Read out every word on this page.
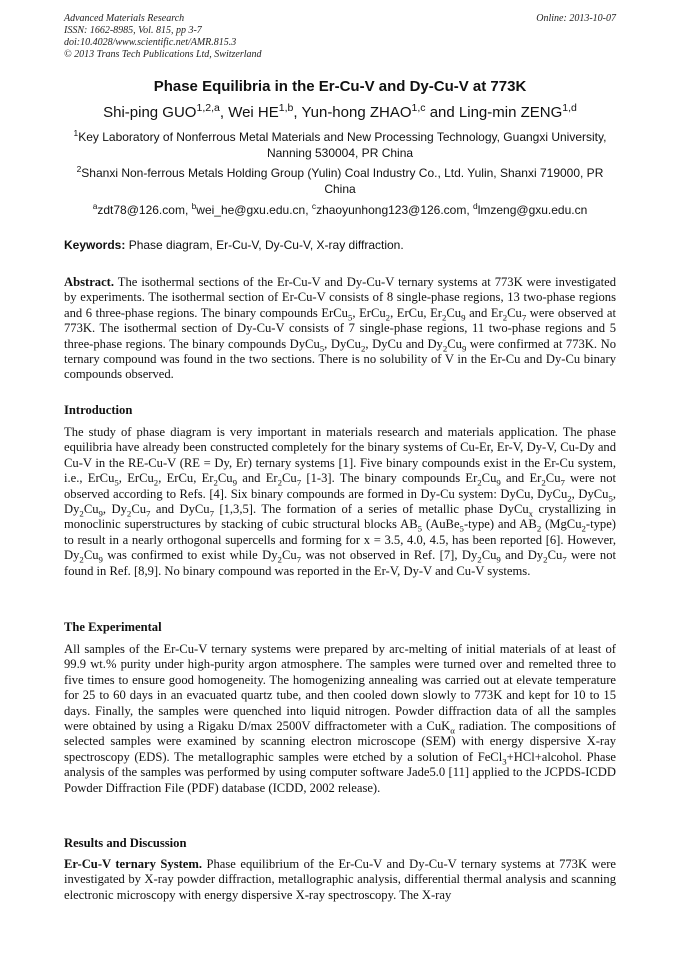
Advanced Materials Research
ISSN: 1662-8985, Vol. 815, pp 3-7
doi:10.4028/www.scientific.net/AMR.815.3
© 2013 Trans Tech Publications Ltd, Switzerland
Online: 2013-10-07
Phase Equilibria in the Er-Cu-V and Dy-Cu-V at 773K
Shi-ping GUO$^{1,2,a}$, Wei HE$^{1,b}$, Yun-hong ZHAO$^{1,c}$ and Ling-min ZENG$^{1,d}$
$^1$Key Laboratory of Nonferrous Metal Materials and New Processing Technology, Guangxi University, Nanning 530004, PR China
$^2$Shanxi Non-ferrous Metals Holding Group (Yulin) Coal Industry Co., Ltd. Yulin, Shanxi 719000, PR China
$^a$zdt78@126.com, $^b$wei_he@gxu.edu.cn, $^c$zhaoyunhong123@126.com, $^d$lmzeng@gxu.edu.cn
Keywords: Phase diagram, Er-Cu-V, Dy-Cu-V, X-ray diffraction.
Abstract. The isothermal sections of the Er-Cu-V and Dy-Cu-V ternary systems at 773K were investigated by experiments. The isothermal section of Er-Cu-V consists of 8 single-phase regions, 13 two-phase regions and 6 three-phase regions. The binary compounds ErCu$_5$, ErCu$_2$, ErCu, $Er_2Cu_9$ and $Er_2Cu_7$ were observed at 773K. The isothermal section of Dy-Cu-V consists of 7 single-phase regions, 11 two-phase regions and 5 three-phase regions. The binary compounds DyCu$_5$, DyCu$_2$, DyCu and $Dy_2Cu_9$ were confirmed at 773K. No ternary compound was found in the two sections. There is no solubility of V in the Er-Cu and Dy-Cu binary compounds observed.
Introduction
The study of phase diagram is very important in materials research and materials application. The phase equilibria have already been constructed completely for the binary systems of Cu-Er, Er-V, Dy-V, Cu-Dy and Cu-V in the RE-Cu-V (RE = Dy, Er) ternary systems [1]. Five binary compounds exist in the Er-Cu system, i.e., ErCu$_5$, ErCu$_2$, ErCu, $Er_2Cu_9$ and $Er_2Cu_7$ [1-3]. The binary compounds $Er_2Cu_9$ and $Er_2Cu_7$ were not observed according to Refs. [4]. Six binary compounds are formed in Dy-Cu system: DyCu, DyCu$_2$, DyCu$_5$, $Dy_2Cu_9$, $Dy_2Cu_7$ and DyCu$_7$ [1,3,5]. The formation of a series of metallic phase DyCu$_x$ crystallizing in monoclinic superstructures by stacking of cubic structural blocks $AB_5$ (AuBe$_5$-type) and $AB_2$ (MgCu$_2$-type) to result in a nearly orthogonal supercells and forming for x = 3.5, 4.0, 4.5, has been reported [6]. However, $Dy_2Cu_9$ was confirmed to exist while $Dy_2Cu_7$ was not observed in Ref. [7], $Dy_2Cu_9$ and $Dy_2Cu_7$ were not found in Ref. [8,9]. No binary compound was reported in the Er-V, Dy-V and Cu-V systems.
The Experimental
All samples of the Er-Cu-V ternary systems were prepared by arc-melting of initial materials of at least of 99.9 wt.% purity under high-purity argon atmosphere. The samples were turned over and remelted three to five times to ensure good homogeneity. The homogenizing annealing was carried out at elevate temperature for 25 to 60 days in an evacuated quartz tube, and then cooled down slowly to 773K and kept for 10 to 15 days. Finally, the samples were quenched into liquid nitrogen. Powder diffraction data of all the samples were obtained by using a Rigaku D/max 2500V diffractometer with a CuK$_\alpha$ radiation. The compositions of selected samples were examined by scanning electron microscope (SEM) with energy dispersive X-ray spectroscopy (EDS). The metallographic samples were etched by a solution of FeCl$_3$+HCl+alcohol. Phase analysis of the samples was performed by using computer software Jade5.0 [11] applied to the JCPDS-ICDD Powder Diffraction File (PDF) database (ICDD, 2002 release).
Results and Discussion
Er-Cu-V ternary System. Phase equilibrium of the Er-Cu-V and Dy-Cu-V ternary systems at 773K were investigated by X-ray powder diffraction, metallographic analysis, differential thermal analysis and scanning electronic microscopy with energy dispersive X-ray spectroscopy. The X-ray
